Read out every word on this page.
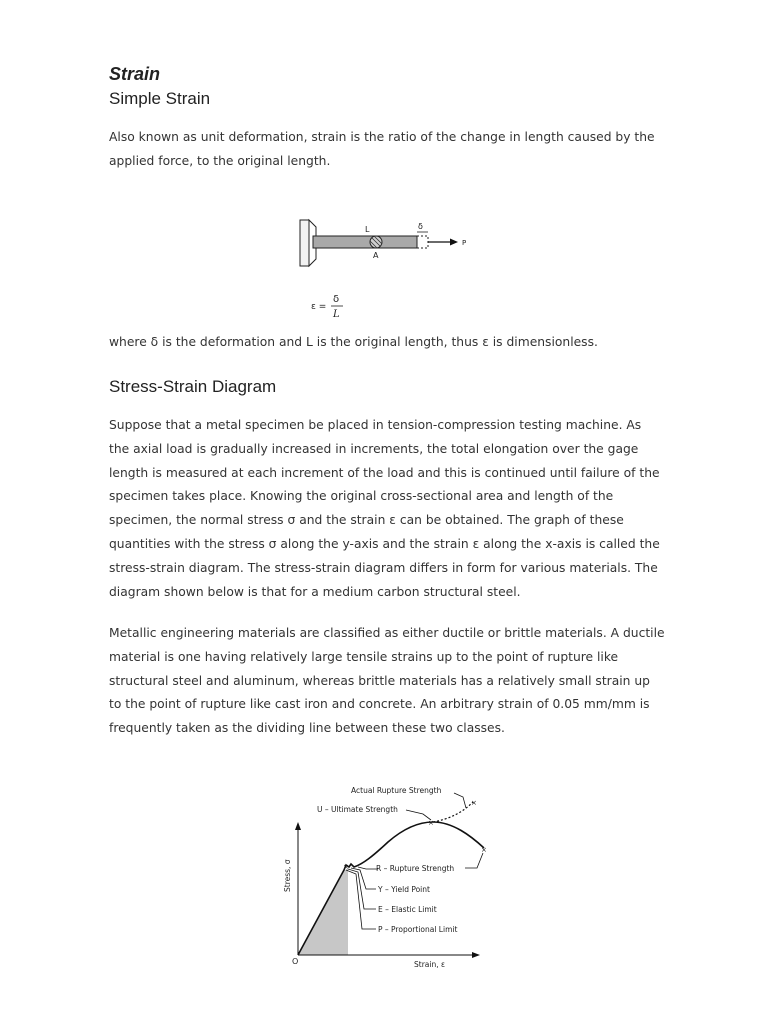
Strain
Simple Strain

Also known as unit deformation, strain is the ratio of the change in length caused by the applied force, to the original length.

where δ is the deformation and L is the original length, thus ε is dimensionless.

Stress-Strain Diagram

Suppose that a metal specimen be placed in tension-compression testing machine. As the axial load is gradually increased in increments, the total elongation over the gage length is measured at each increment of the load and this is continued until failure of the specimen takes place. Knowing the original cross-sectional area and length of the specimen, the normal stress σ and the strain ε can be obtained. The graph of these quantities with the stress σ along the y-axis and the strain ε along the x-axis is called the stress-strain diagram. The stress-strain diagram differs in form for various materials. The diagram shown below is that for a medium carbon structural steel.

Metallic engineering materials are classified as either ductile or brittle materials. A ductile material is one having relatively large tensile strains up to the point of rupture like structural steel and aluminum, whereas brittle materials has a relatively small strain up to the point of rupture like cast iron and concrete. An arbitrary strain of 0.05 mm/mm is frequently taken as the dividing line between these two classes.

L	δ
A
P
ε =
δ
L
×
×
×
×
Actual Rupture Strength
U – Ultimate Strength
R – Rupture Strength
Y – Yield Point
E – Elastic Limit
P – Proportional Limit
Stress, σ
Strain, ε
O
